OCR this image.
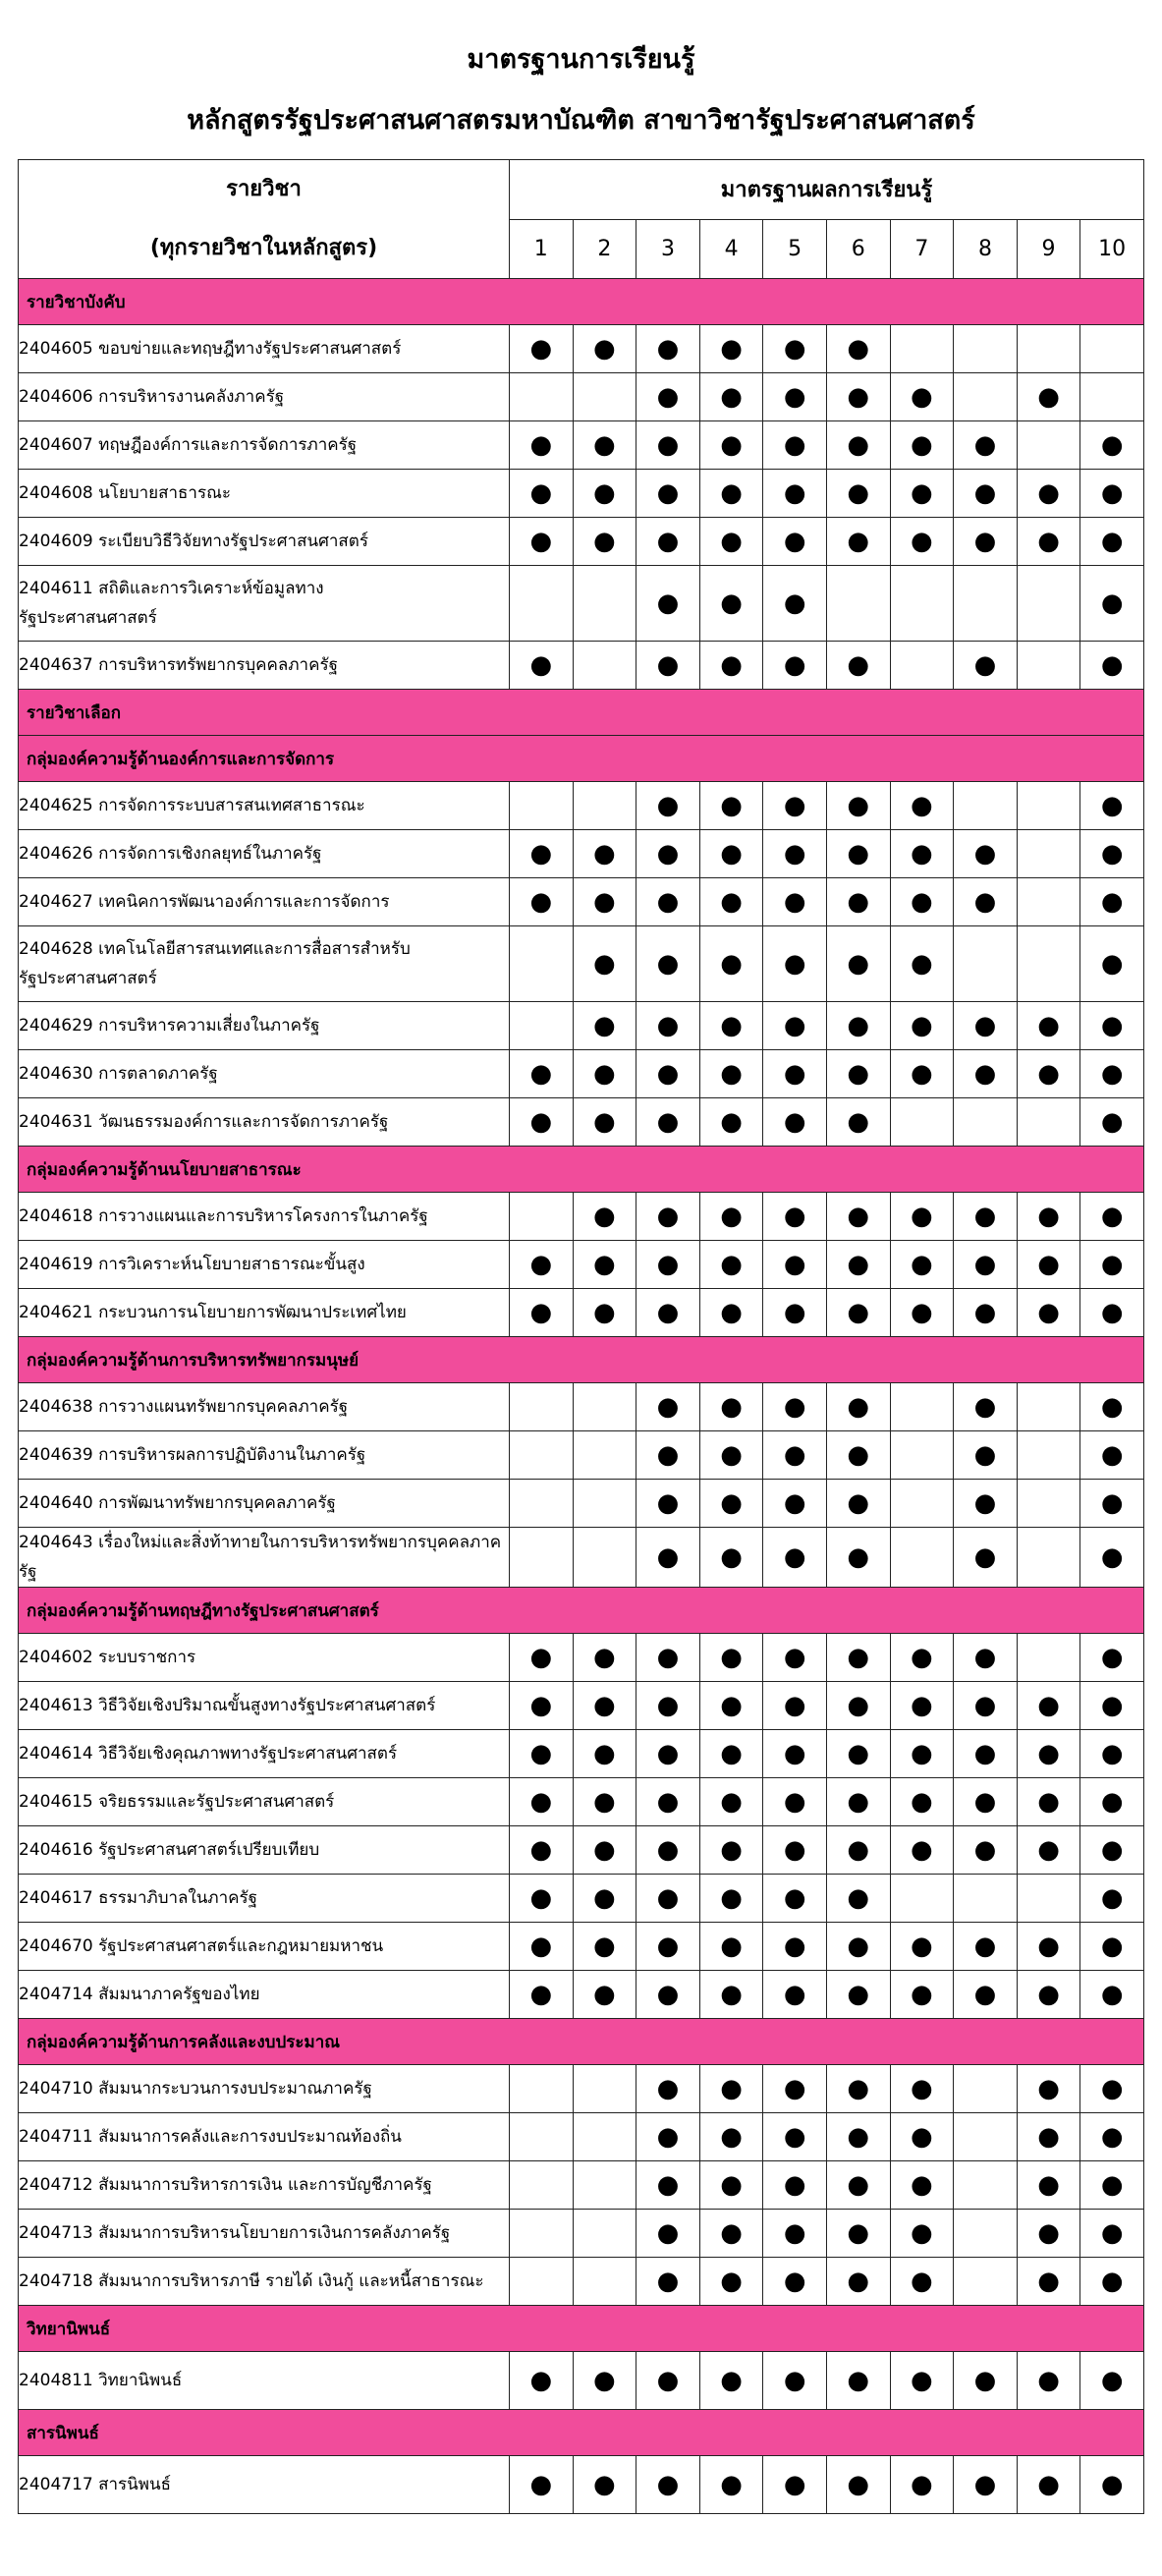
มาตรฐานการเรียนรู้
หลักสูตรรัฐประศาสนศาสตรมหาบัณฑิต สาขาวิชารัฐประศาสนศาสตร์
รายวิชา
(ทุกรายวิชาในหลักสูตร)	มาตรฐานผลการเรียนรู้									
	1	2	3	4	5	6	7	8	9	10
รายวิชาบังคับ										

2404605 ขอบข่ายและทฤษฎีทางรัฐประศาสนศาสตร์	●	●	●	●	●	●				

2404606 การบริหารงานคลังภาครัฐ			●	●	●	●	●		●	

2404607 ทฤษฎีองค์การและการจัดการภาครัฐ	●	●	●	●	●	●	●	●		●

2404608 นโยบายสาธารณะ	●	●	●	●	●	●	●	●	●	●

2404609 ระเบียบวิธีวิจัยทางรัฐประศาสนศาสตร์	●	●	●	●	●	●	●	●	●	●

2404611 สถิติและการวิเคราะห์ข้อมูลทาง
รัฐประศาสนศาสตร์			●	●	●					●

2404637 การบริหารทรัพยากรบุคคลภาครัฐ	●		●	●	●	●		●		●
รายวิชาเลือก										
กลุ่มองค์ความรู้ด้านองค์การและการจัดการ										

2404625 การจัดการระบบสารสนเทศสาธารณะ			●	●	●	●	●			●

2404626 การจัดการเชิงกลยุทธ์ในภาครัฐ	●	●	●	●	●	●	●	●		●

2404627 เทคนิคการพัฒนาองค์การและการจัดการ	●	●	●	●	●	●	●	●		●

2404628 เทคโนโลยีสารสนเทศและการสื่อสารสำหรับ
รัฐประศาสนศาสตร์		●	●	●	●	●	●			●

2404629 การบริหารความเสี่ยงในภาครัฐ		●	●	●	●	●	●	●	●	●

2404630 การตลาดภาครัฐ	●	●	●	●	●	●	●	●	●	●

2404631 วัฒนธรรมองค์การและการจัดการภาครัฐ	●	●	●	●	●	●				●
กลุ่มองค์ความรู้ด้านนโยบายสาธารณะ										

2404618 การวางแผนและการบริหารโครงการในภาครัฐ		●	●	●	●	●	●	●	●	●

2404619 การวิเคราะห์นโยบายสาธารณะขั้นสูง	●	●	●	●	●	●	●	●	●	●

2404621 กระบวนการนโยบายการพัฒนาประเทศไทย	●	●	●	●	●	●	●	●	●	●
กลุ่มองค์ความรู้ด้านการบริหารทรัพยากรมนุษย์										

2404638 การวางแผนทรัพยากรบุคคลภาครัฐ			●	●	●	●		●		●

2404639 การบริหารผลการปฏิบัติงานในภาครัฐ			●	●	●	●		●		●

2404640 การพัฒนาทรัพยากรบุคคลภาครัฐ			●	●	●	●		●		●

2404643 เรื่องใหม่และสิ่งท้าทายในการบริหารทรัพยากรบุคคลภาครัฐ			●	●	●	●		●		●
กลุ่มองค์ความรู้ด้านทฤษฎีทางรัฐประศาสนศาสตร์										

2404602 ระบบราชการ	●	●	●	●	●	●	●	●		●

2404613 วิธีวิจัยเชิงปริมาณขั้นสูงทางรัฐประศาสนศาสตร์	●	●	●	●	●	●	●	●	●	●

2404614 วิธีวิจัยเชิงคุณภาพทางรัฐประศาสนศาสตร์	●	●	●	●	●	●	●	●	●	●

2404615 จริยธรรมและรัฐประศาสนศาสตร์	●	●	●	●	●	●	●	●	●	●

2404616 รัฐประศาสนศาสตร์เปรียบเทียบ	●	●	●	●	●	●	●	●	●	●

2404617 ธรรมาภิบาลในภาครัฐ	●	●	●	●	●	●				●

2404670 รัฐประศาสนศาสตร์และกฎหมายมหาชน	●	●	●	●	●	●	●	●	●	●

2404714 สัมมนาภาครัฐของไทย	●	●	●	●	●	●	●	●	●	●
กลุ่มองค์ความรู้ด้านการคลังและงบประมาณ										

2404710 สัมมนากระบวนการงบประมาณภาครัฐ			●	●	●	●	●		●	●

2404711 สัมมนาการคลังและการงบประมาณท้องถิ่น			●	●	●	●	●		●	●

2404712 สัมมนาการบริหารการเงิน และการบัญชีภาครัฐ			●	●	●	●	●		●	●

2404713 สัมมนาการบริหารนโยบายการเงินการคลังภาครัฐ			●	●	●	●	●		●	●

2404718 สัมมนาการบริหารภาษี รายได้ เงินกู้ และหนี้สาธารณะ			●	●	●	●	●		●	●
วิทยานิพนธ์										

2404811 วิทยานิพนธ์	●	●	●	●	●	●	●	●	●	●
สารนิพนธ์										

2404717 สารนิพนธ์	●	●	●	●	●	●	●	●	●	●
